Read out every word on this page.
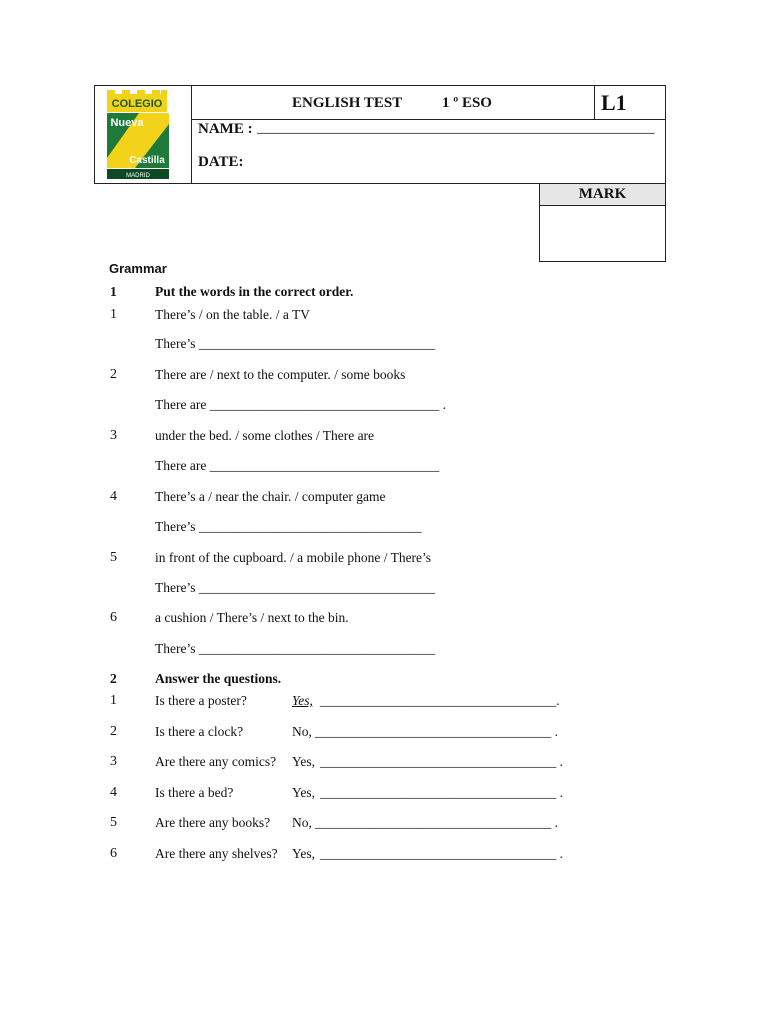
COLEGIO
Nueva
Castilla
MADRID
ENGLISH TEST	1 º ESO	L1
NAME : _____________________________________________________
DATE:
MARK
Grammar
1	Put the words in the correct order.
1	There’s / on the table. / a TV
There’s ___________________________________
2	There are / next to the computer. / some books
There are __________________________________ .
3	under the bed. / some clothes / There are
There are __________________________________
4	There’s a / near the chair. / computer game
There’s _________________________________
5	in front of the cupboard. / a mobile phone / There’s
There’s ___________________________________
6	a cushion / There’s / next to the bin.
There’s ___________________________________
2	Answer the questions.
1	Is there a poster?	Yes, ___________________________________.
2	Is there a clock?	No, ___________________________________ .
3	Are there any comics? Yes, ___________________________________ .
4	Is there a bed?	Yes, ___________________________________ .
5	Are there any books? No, ___________________________________ .
6	Are there any shelves? Yes, ___________________________________ .
